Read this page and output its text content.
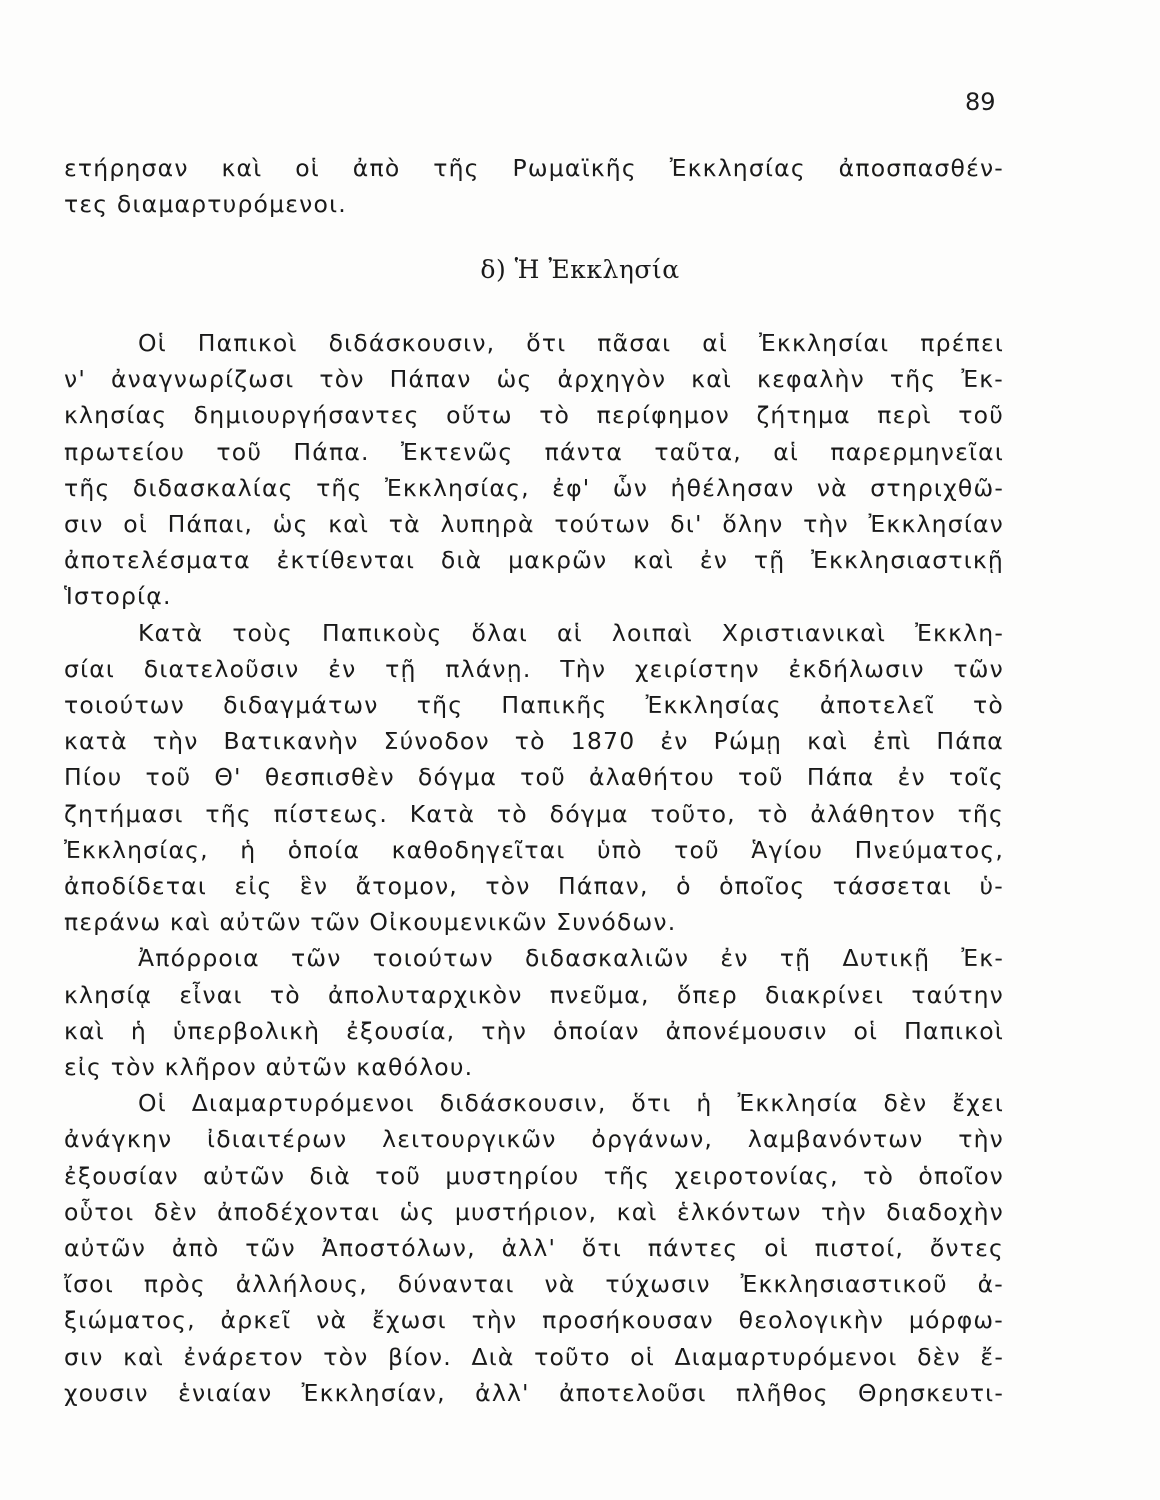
89
ετήρησαν καὶ οἱ ἀπὸ τῆς Ρωμαϊκῆς Ἐκκλησίας ἀποσπασθέν-
τες διαμαρτυρόμενοι.
δ) Ἡ Ἐκκλησία

Οἱ Παπικοὶ διδάσκουσιν, ὅτι πᾶσαι αἱ Ἐκκλησίαι πρέπει
ν' ἀναγνωρίζωσι τὸν Πάπαν ὡς ἀρχηγὸν καὶ κεφαλὴν τῆς Ἐκ-
κλησίας δημιουργήσαντες οὕτω τὸ περίφημον ζήτημα περὶ τοῦ
πρωτείου τοῦ Πάπα. Ἐκτενῶς πάντα ταῦτα, αἱ παρερμηνεῖαι
τῆς διδασκαλίας τῆς Ἐκκλησίας, ἐφ' ὧν ἠθέλησαν νὰ στηριχθῶ-
σιν οἱ Πάπαι, ὡς καὶ τὰ λυπηρὰ τούτων δι' ὅλην τὴν Ἐκκλησίαν
ἀποτελέσματα ἐκτίθενται διὰ μακρῶν καὶ ἐν τῇ Ἐκκλησιαστικῇ
Ἱστορίᾳ.

Κατὰ τοὺς Παπικοὺς ὅλαι αἱ λοιπαὶ Χριστιανικαὶ Ἐκκλη-
σίαι διατελοῦσιν ἐν τῇ πλάνῃ. Τὴν χειρίστην ἐκδήλωσιν τῶν
τοιούτων διδαγμάτων τῆς Παπικῆς Ἐκκλησίας ἀποτελεῖ τὸ
κατὰ τὴν Βατικανὴν Σύνοδον τὸ 1870 ἐν Ρώμῃ καὶ ἐπὶ Πάπα
Πίου τοῦ Θ' θεσπισθὲν δόγμα τοῦ ἀλαθήτου τοῦ Πάπα ἐν τοῖς
ζητήμασι τῆς πίστεως. Κατὰ τὸ δόγμα τοῦτο, τὸ ἀλάθητον τῆς
Ἐκκλησίας, ἡ ὁποία καθοδηγεῖται ὑπὸ τοῦ Ἁγίου Πνεύματος,
ἀποδίδεται εἰς ἓν ἄτομον, τὸν Πάπαν, ὁ ὁποῖος τάσσεται ὑ-
περάνω καὶ αὐτῶν τῶν Οἰκουμενικῶν Συνόδων.

Ἀπόρροια τῶν τοιούτων διδασκαλιῶν ἐν τῇ Δυτικῇ Ἐκ-
κλησίᾳ εἶναι τὸ ἀπολυταρχικὸν πνεῦμα, ὅπερ διακρίνει ταύτην
καὶ ἡ ὑπερβολικὴ ἐξουσία, τὴν ὁποίαν ἀπονέμουσιν οἱ Παπικοὶ
εἰς τὸν κλῆρον αὐτῶν καθόλου.

Οἱ Διαμαρτυρόμενοι διδάσκουσιν, ὅτι ἡ Ἐκκλησία δὲν ἔχει
ἀνάγκην ἰδιαιτέρων λειτουργικῶν ὀργάνων, λαμβανόντων τὴν
ἐξουσίαν αὐτῶν διὰ τοῦ μυστηρίου τῆς χειροτονίας, τὸ ὁποῖον
οὗτοι δὲν ἀποδέχονται ὡς μυστήριον, καὶ ἑλκόντων τὴν διαδοχὴν
αὐτῶν ἀπὸ τῶν Ἀποστόλων, ἀλλ' ὅτι πάντες οἱ πιστοί, ὄντες
ἴσοι πρὸς ἀλλήλους, δύνανται νὰ τύχωσιν Ἐκκλησιαστικοῦ ἀ-
ξιώματος, ἀρκεῖ νὰ ἔχωσι τὴν προσήκουσαν θεολογικὴν μόρφω-
σιν καὶ ἐνάρετον τὸν βίον. Διὰ τοῦτο οἱ Διαμαρτυρόμενοι δὲν ἔ-
χουσιν ἑνιαίαν Ἐκκλησίαν, ἀλλ' ἀποτελοῦσι πλῆθος Θρησκευτι-
